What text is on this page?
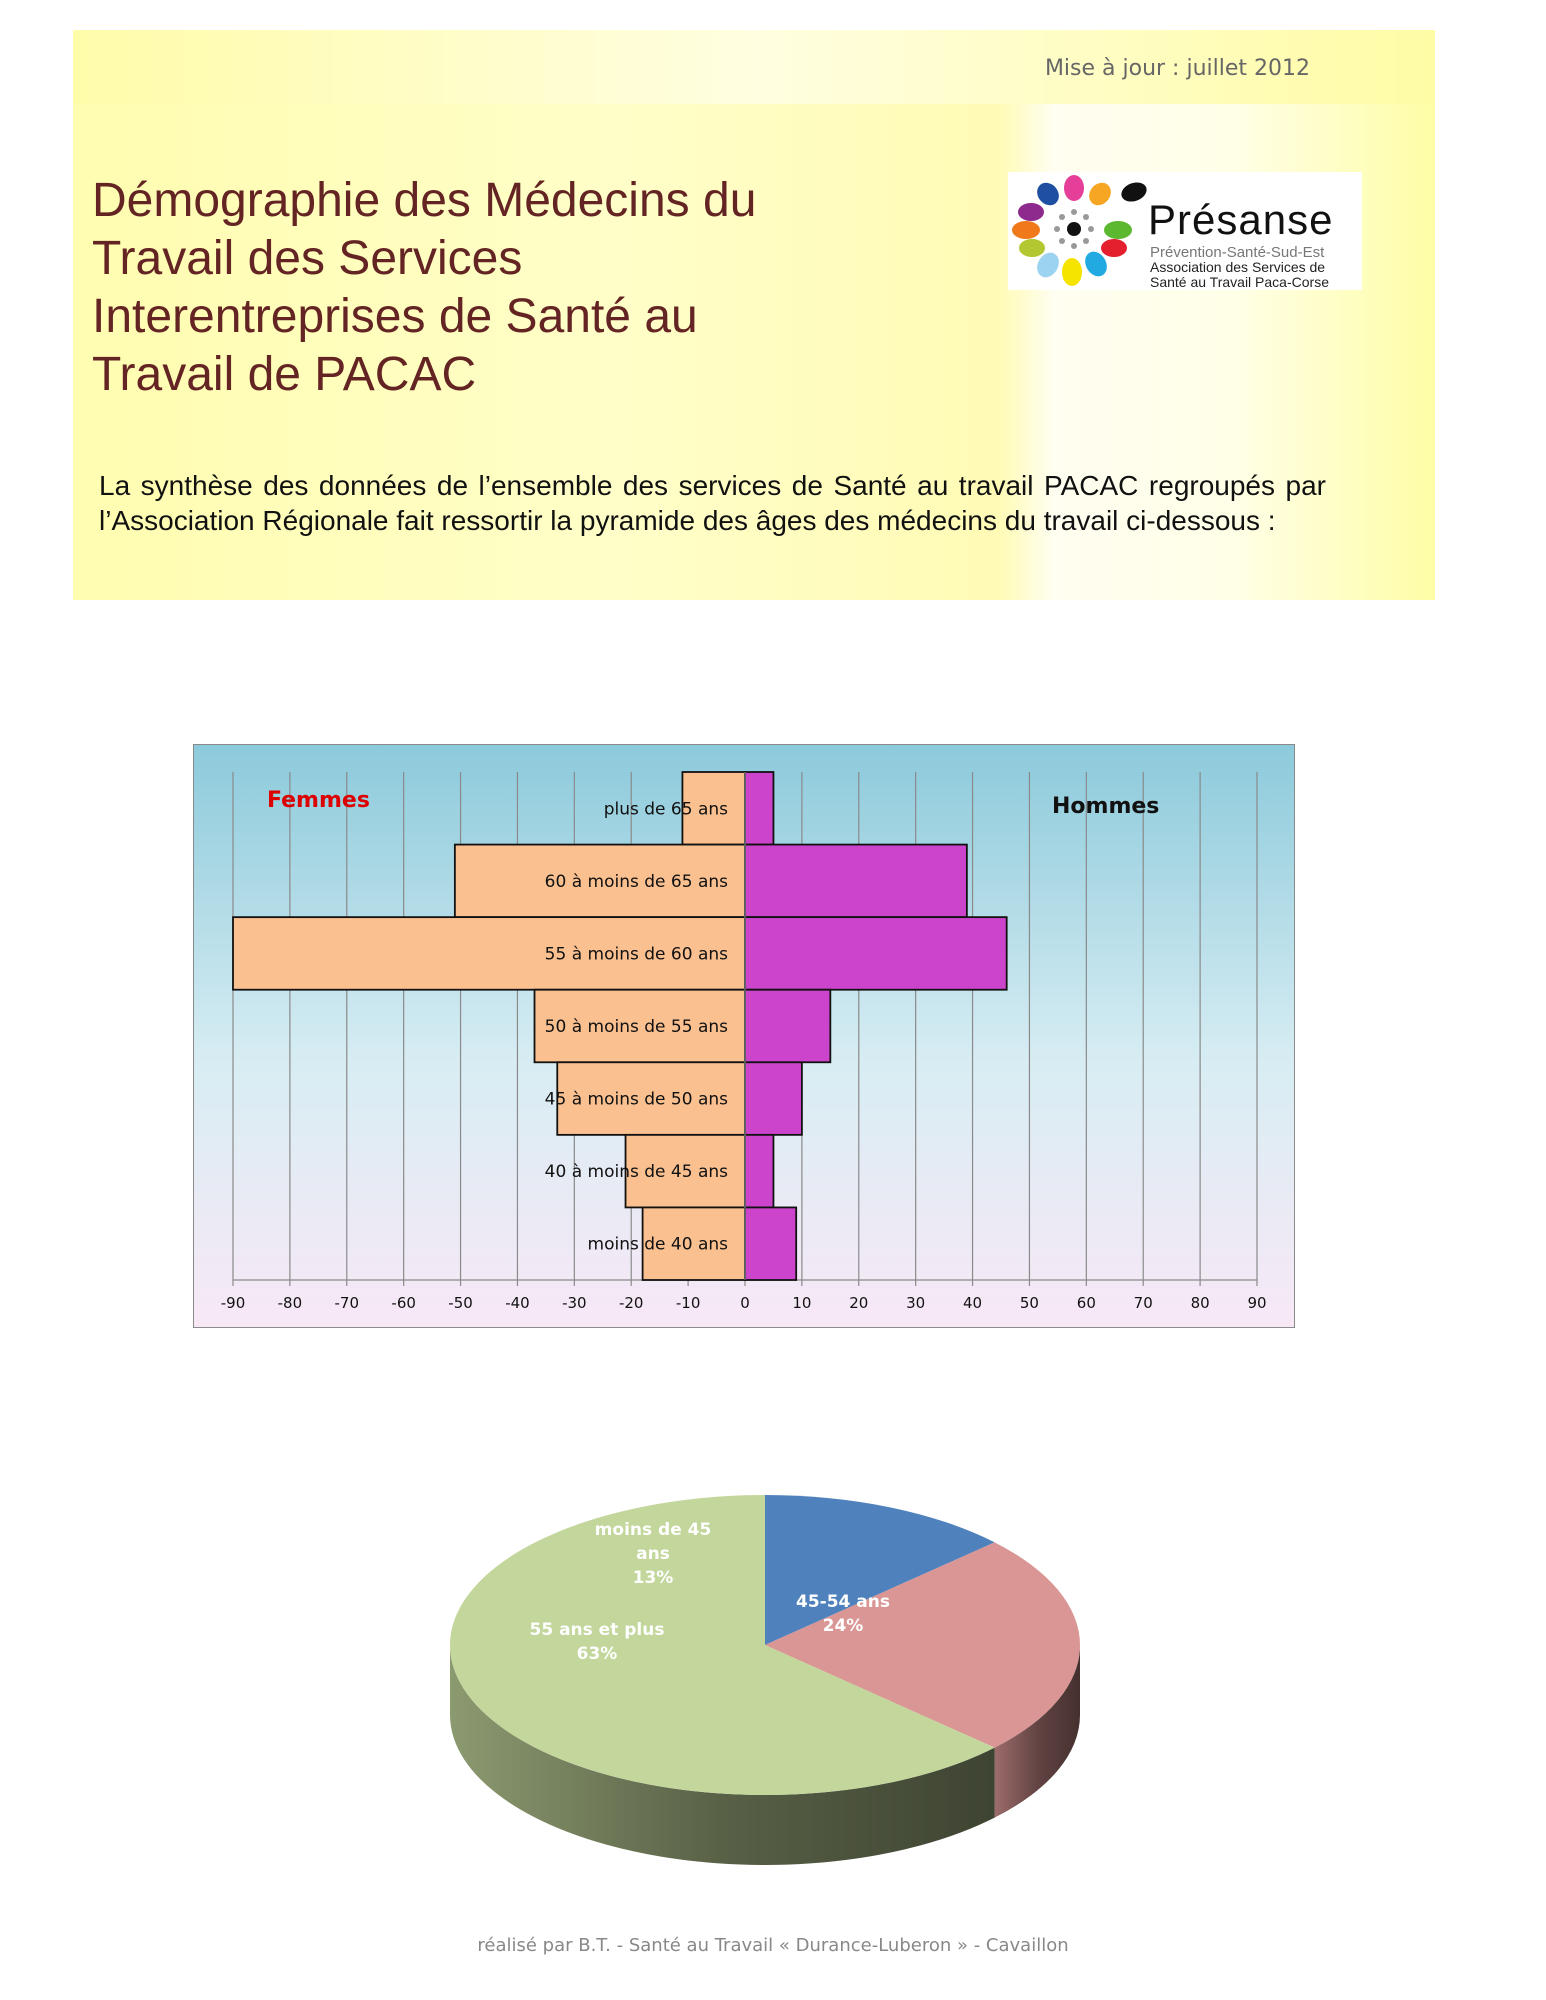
Mise à jour : juillet 2012
Démographie des Médecins du Travail des Services Interentreprises de Santé au Travail de PACAC
Présanse
Prévention-Santé-Sud-Est
Association des Services de Santé au Travail Paca-Corse

La synthèse des données de l’ensemble des services de Santé au travail PACAC regroupés par l’Association Régionale fait ressortir la pyramide des âges des médecins du travail ci-dessous :

-90 -80 -70 -60 -50 -40 -30 -20 -10	0	10	20	30	40	50	60	70	80	90
plus de 65 ans
60 à moins de 65 ans
55 à moins de 60 ans
50 à moins de 55 ans
45 à moins de 50 ans
40 à moins de 45 ans
moins de 40 ans
Femmes	Hommes
moins de 45
ans
13%
45-54 ans
24%
55 ans et plus
63%
réalisé par B.T. - Santé au Travail « Durance-Luberon » - Cavaillon
